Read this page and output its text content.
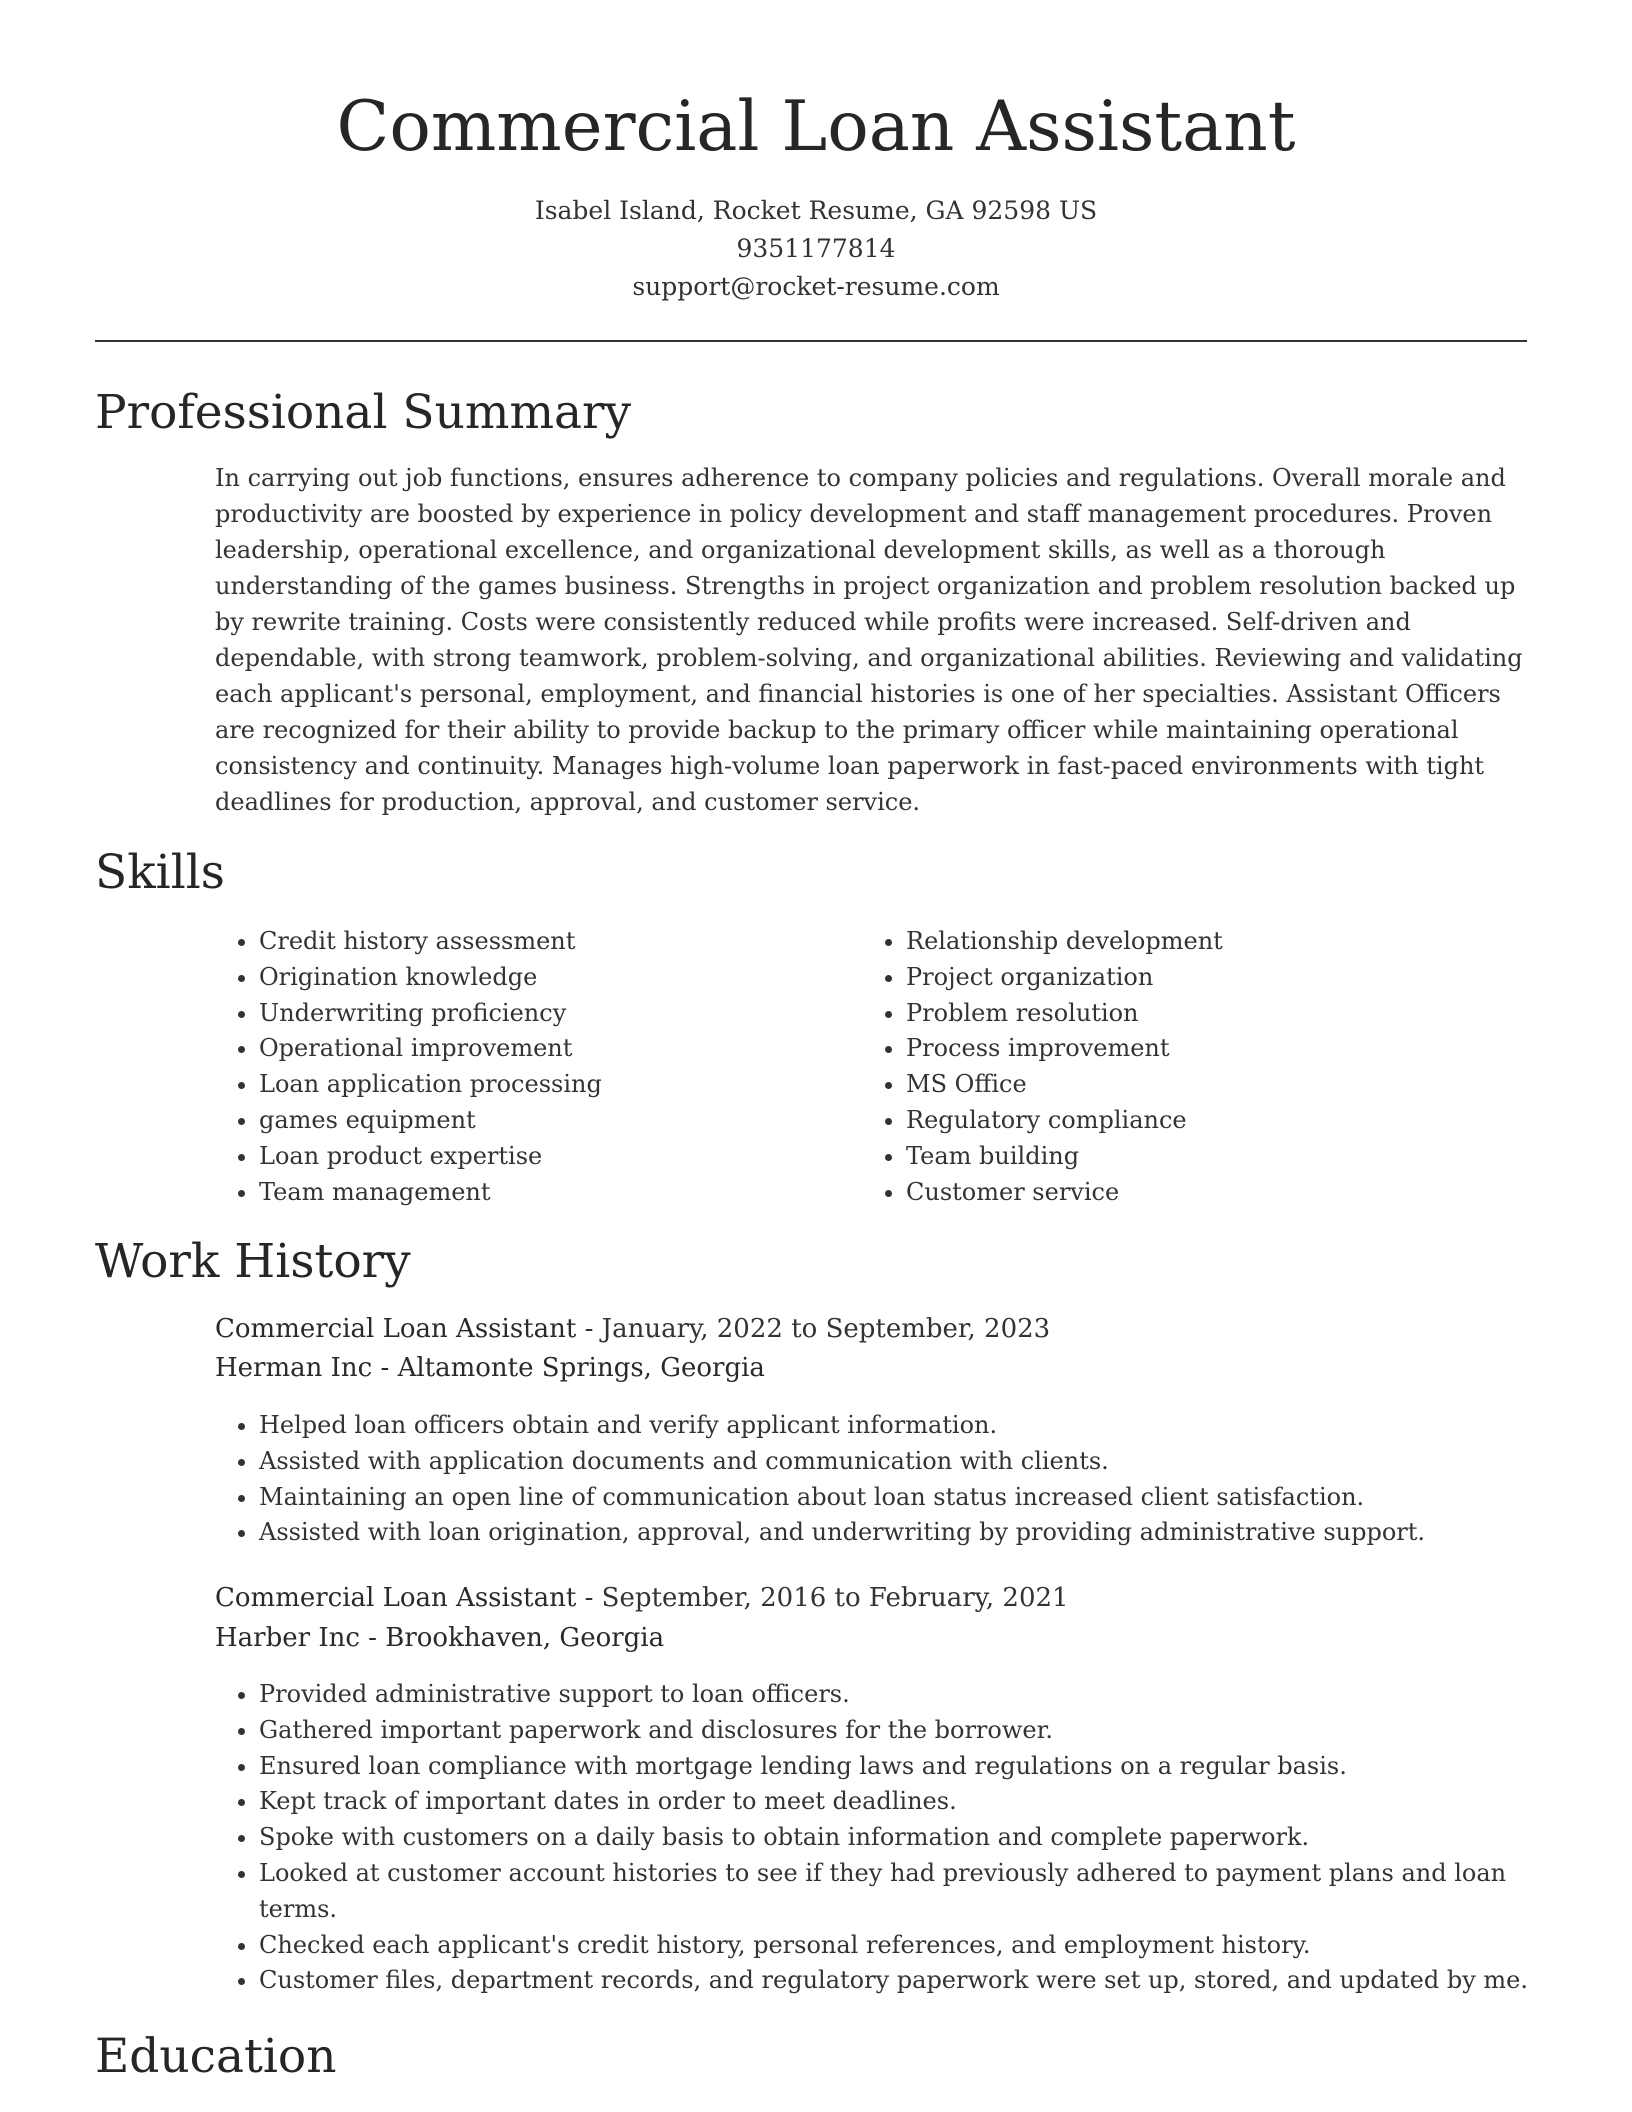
Commercial Loan Assistant
Isabel Island, Rocket Resume, GA 92598 US
9351177814
support@rocket-resume.com
Professional Summary

In carrying out job functions, ensures adherence to company policies and regulations. Overall morale and productivity are boosted by experience in policy development and staff management procedures. Proven leadership, operational excellence, and organizational development skills, as well as a thorough understanding of the games business. Strengths in project organization and problem resolution backed up by rewrite training. Costs were consistently reduced while profits were increased. Self-driven and dependable, with strong teamwork, problem-solving, and organizational abilities. Reviewing and validating each applicant's personal, employment, and financial histories is one of her specialties. Assistant Officers are recognized for their ability to provide backup to the primary officer while maintaining operational consistency and continuity. Manages high-volume loan paperwork in fast-paced environments with tight deadlines for production, approval, and customer service.

Skills
• Credit history assessment
• Origination knowledge
• Underwriting proficiency
• Operational improvement
• Loan application processing
• games equipment
• Loan product expertise
• Team management
• Relationship development
• Project organization
• Problem resolution
• Process improvement
• MS Office
• Regulatory compliance
• Team building
• Customer service
Work History
Commercial Loan Assistant - January, 2022 to September, 2023
Herman Inc - Altamonte Springs, Georgia
• Helped loan officers obtain and verify applicant information.
• Assisted with application documents and communication with clients.
• Maintaining an open line of communication about loan status increased client satisfaction.
• Assisted with loan origination, approval, and underwriting by providing administrative support.
Commercial Loan Assistant - September, 2016 to February, 2021
Harber Inc - Brookhaven, Georgia
• Provided administrative support to loan officers.
• Gathered important paperwork and disclosures for the borrower.
• Ensured loan compliance with mortgage lending laws and regulations on a regular basis.
• Kept track of important dates in order to meet deadlines.
• Spoke with customers on a daily basis to obtain information and complete paperwork.
• Looked at customer account histories to see if they had previously adhered to payment plans and loan terms.
• Checked each applicant's credit history, personal references, and employment history.
• Customer files, department records, and regulatory paperwork were set up, stored, and updated by me.
Education
